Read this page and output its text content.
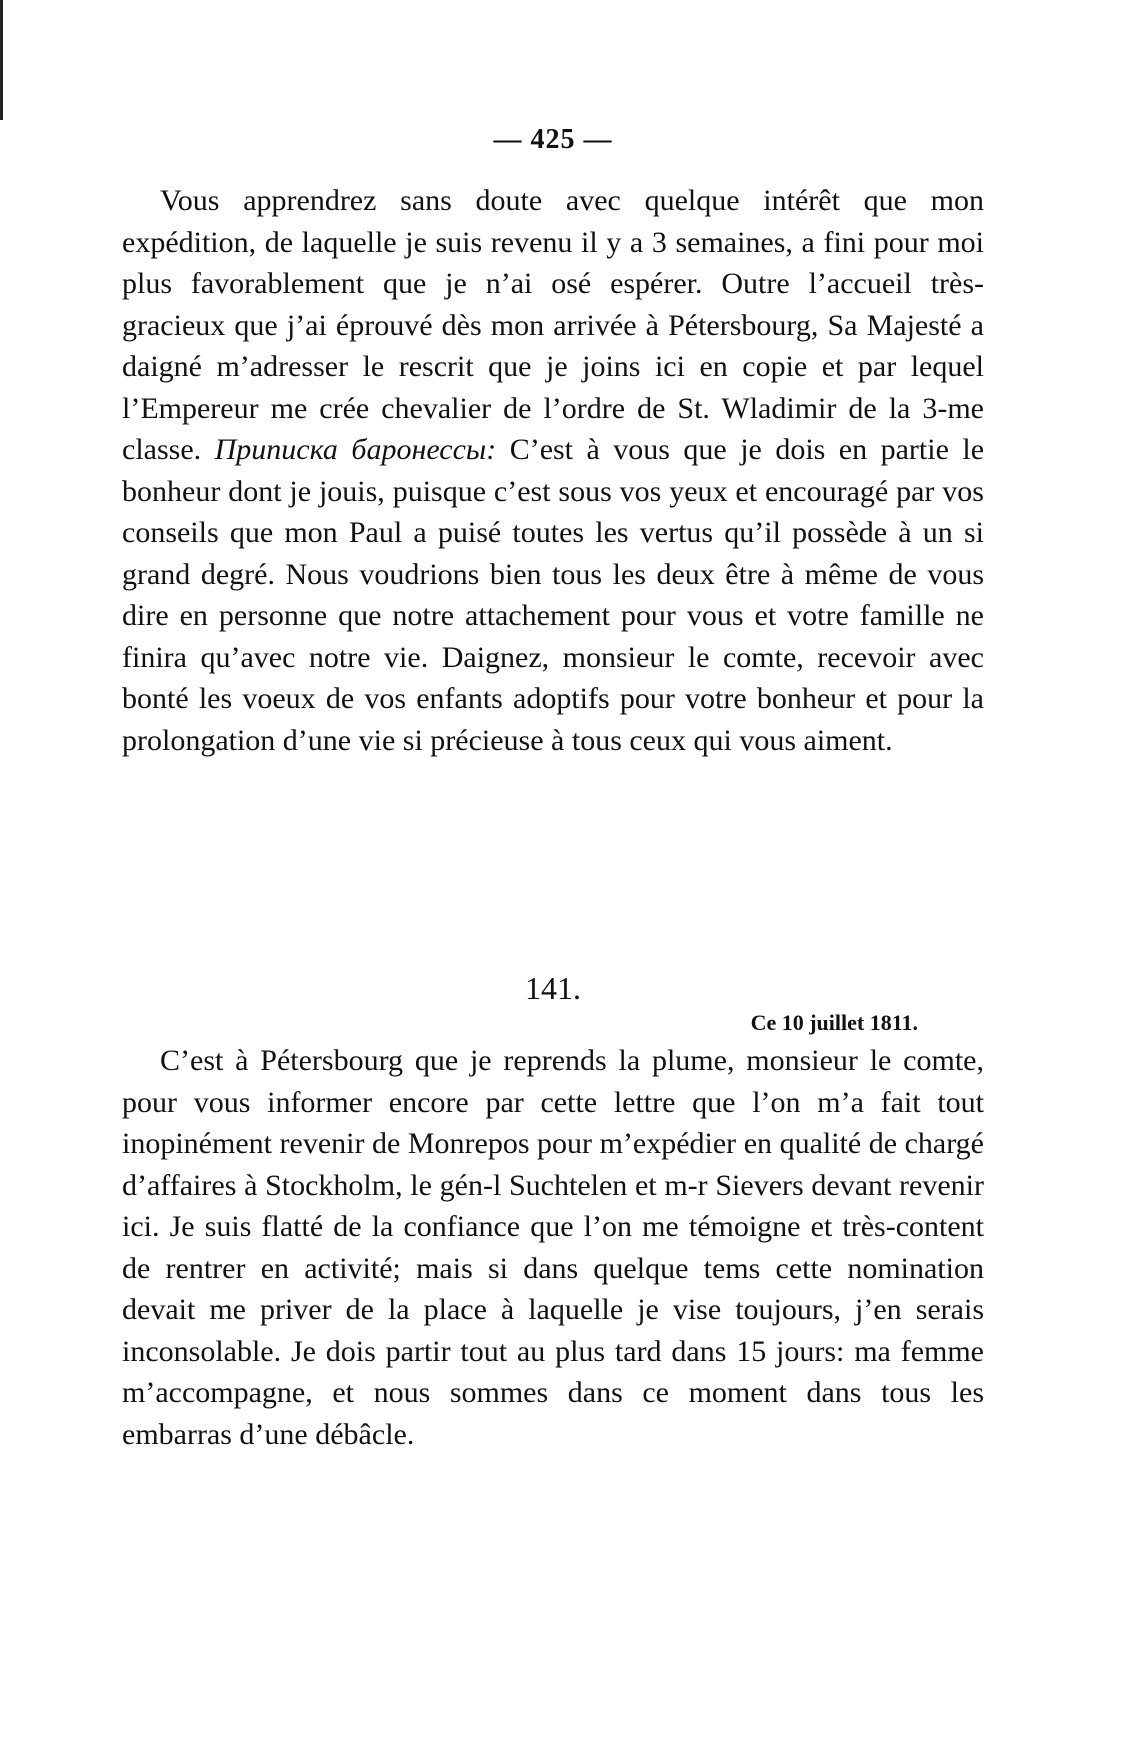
— 425 —

Vous apprendrez sans doute avec quelque intérêt que mon expédition, de laquelle je suis revenu il y a 3 semaines, a fini pour moi plus favorablement que je n’ai osé espérer. Outre l’accueil très-gracieux que j’ai éprouvé dès mon arrivée à Pétersbourg, Sa Majesté a daigné m’adresser le rescrit que je joins ici en copie et par lequel l’Empereur me crée chevalier de l’ordre de St. Wladimir de la 3-me classe. Приписка баронессы: C’est à vous que je dois en partie le bonheur dont je jouis, puisque c’est sous vos yeux et encouragé par vos conseils que mon Paul a puisé toutes les vertus qu’il possède à un si grand degré. Nous voudrions bien tous les deux être à même de vous dire en personne que notre attachement pour vous et votre famille ne finira qu’avec notre vie. Daignez, monsieur le comte, recevoir avec bonté les voeux de vos enfants adoptifs pour votre bonheur et pour la prolongation d’une vie si précieuse à tous ceux qui vous aiment.

141.
Ce 10 juillet 1811.

C’est à Pétersbourg que je reprends la plume, monsieur le comte, pour vous informer encore par cette lettre que l’on m’a fait tout inopinément revenir de Monrepos pour m’expédier en qualité de chargé d’affaires à Stockholm, le gén-l Suchtelen et m-r Sievers devant revenir ici. Je suis flatté de la confiance que l’on me témoigne et très-content de rentrer en activité; mais si dans quelque tems cette nomination devait me priver de la place à laquelle je vise toujours, j’en serais inconsolable. Je dois partir tout au plus tard dans 15 jours: ma femme m’accompagne, et nous sommes dans ce moment dans tous les embarras d’une débâcle.
